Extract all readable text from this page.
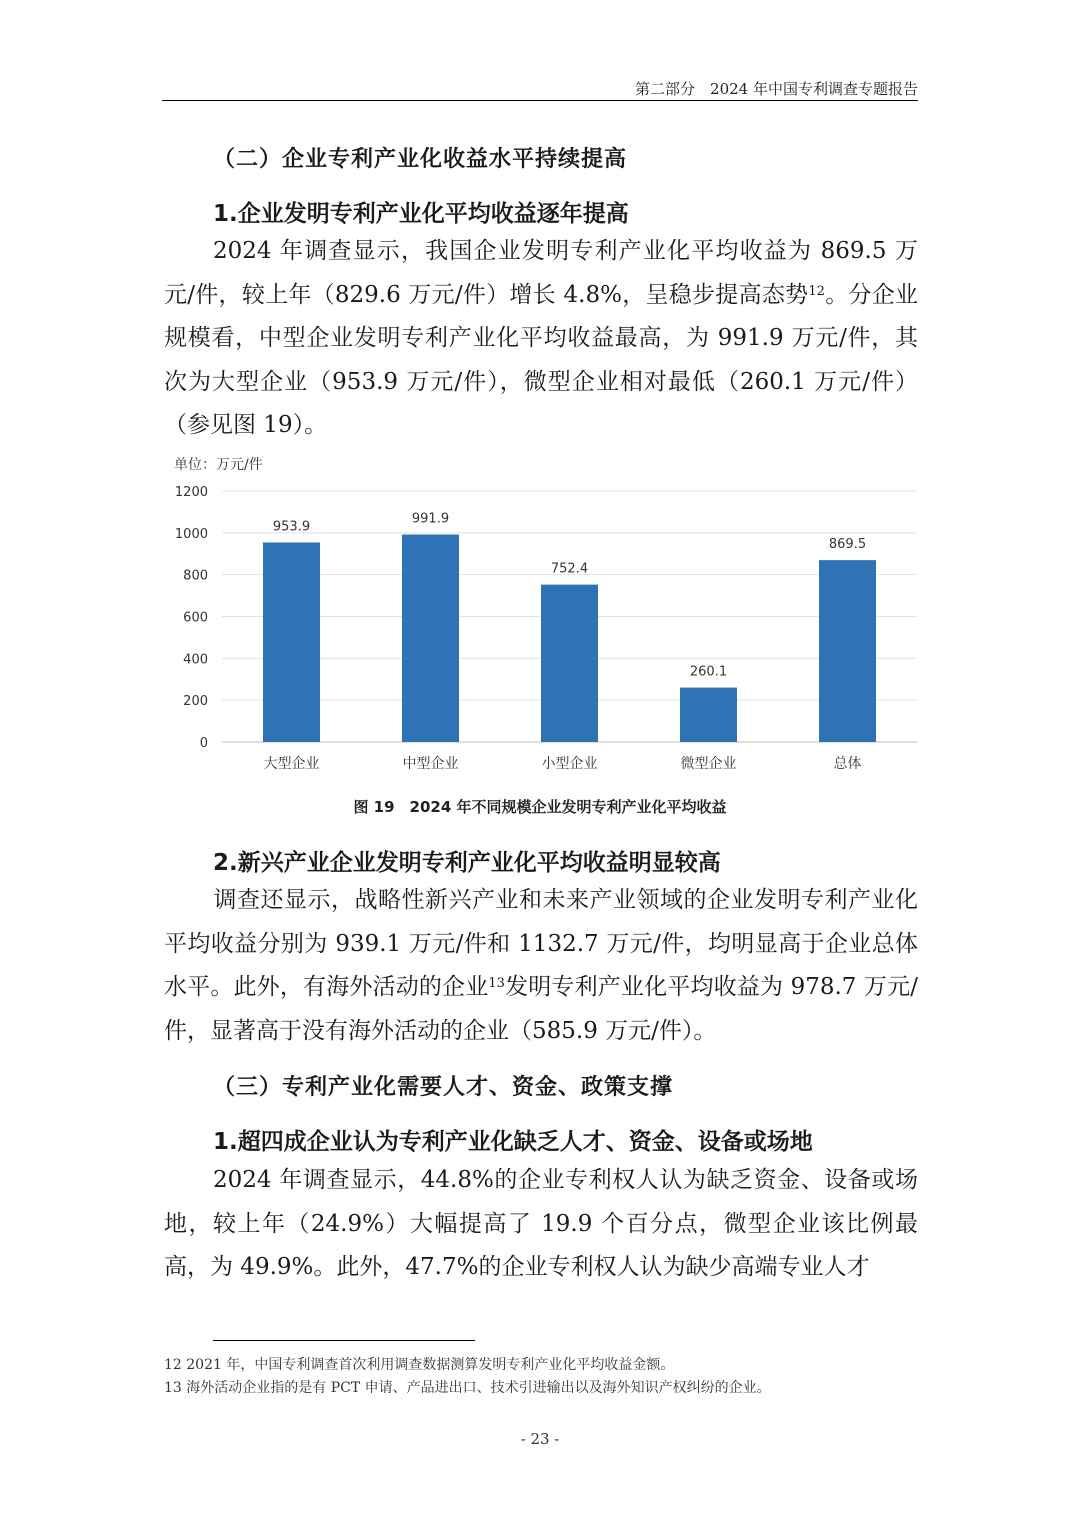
第二部分　2024 年中国专利调查专题报告
（二）企业专利产业化收益水平持续提高
1.企业发明专利产业化平均收益逐年提高

2024 年调查显示，我国企业发明专利产业化平均收益为 869.5 万元/件，较上年（829.6 万元/件）增长 4.8%，呈稳步提高态势$^{12}$。分企业规模看，中型企业发明专利产业化平均收益最高，为 991.9 万元/件，其次为大型企业（953.9 万元/件），微型企业相对最低（260.1 万元/件）（参见图 19）。

单位：万元/件
0
200
400
600
800
1000
1200
953.9
大型企业
991.9
中型企业
752.4
小型企业
260.1
微型企业
869.5
总体
图 19　2024 年不同规模企业发明专利产业化平均收益
2.新兴产业企业发明专利产业化平均收益明显较高

调查还显示，战略性新兴产业和未来产业领域的企业发明专利产业化平均收益分别为 939.1 万元/件和 1132.7 万元/件，均明显高于企业总体水平。此外，有海外活动的企业$^{13}$发明专利产业化平均收益为 978.7 万元/件，显著高于没有海外活动的企业（585.9 万元/件）。

（三）专利产业化需要人才、资金、政策支撑
1.超四成企业认为专利产业化缺乏人才、资金、设备或场地

2024 年调查显示，44.8%的企业专利权人认为缺乏资金、设备或场地，较上年（24.9%）大幅提高了 19.9 个百分点，微型企业该比例最高，为 49.9%。此外，47.7%的企业专利权人认为缺少高端专业人才

12 2021 年，中国专利调查首次利用调查数据测算发明专利产业化平均收益金额。
13 海外活动企业指的是有 PCT 申请、产品进出口、技术引进输出以及海外知识产权纠纷的企业。
- 23 -
